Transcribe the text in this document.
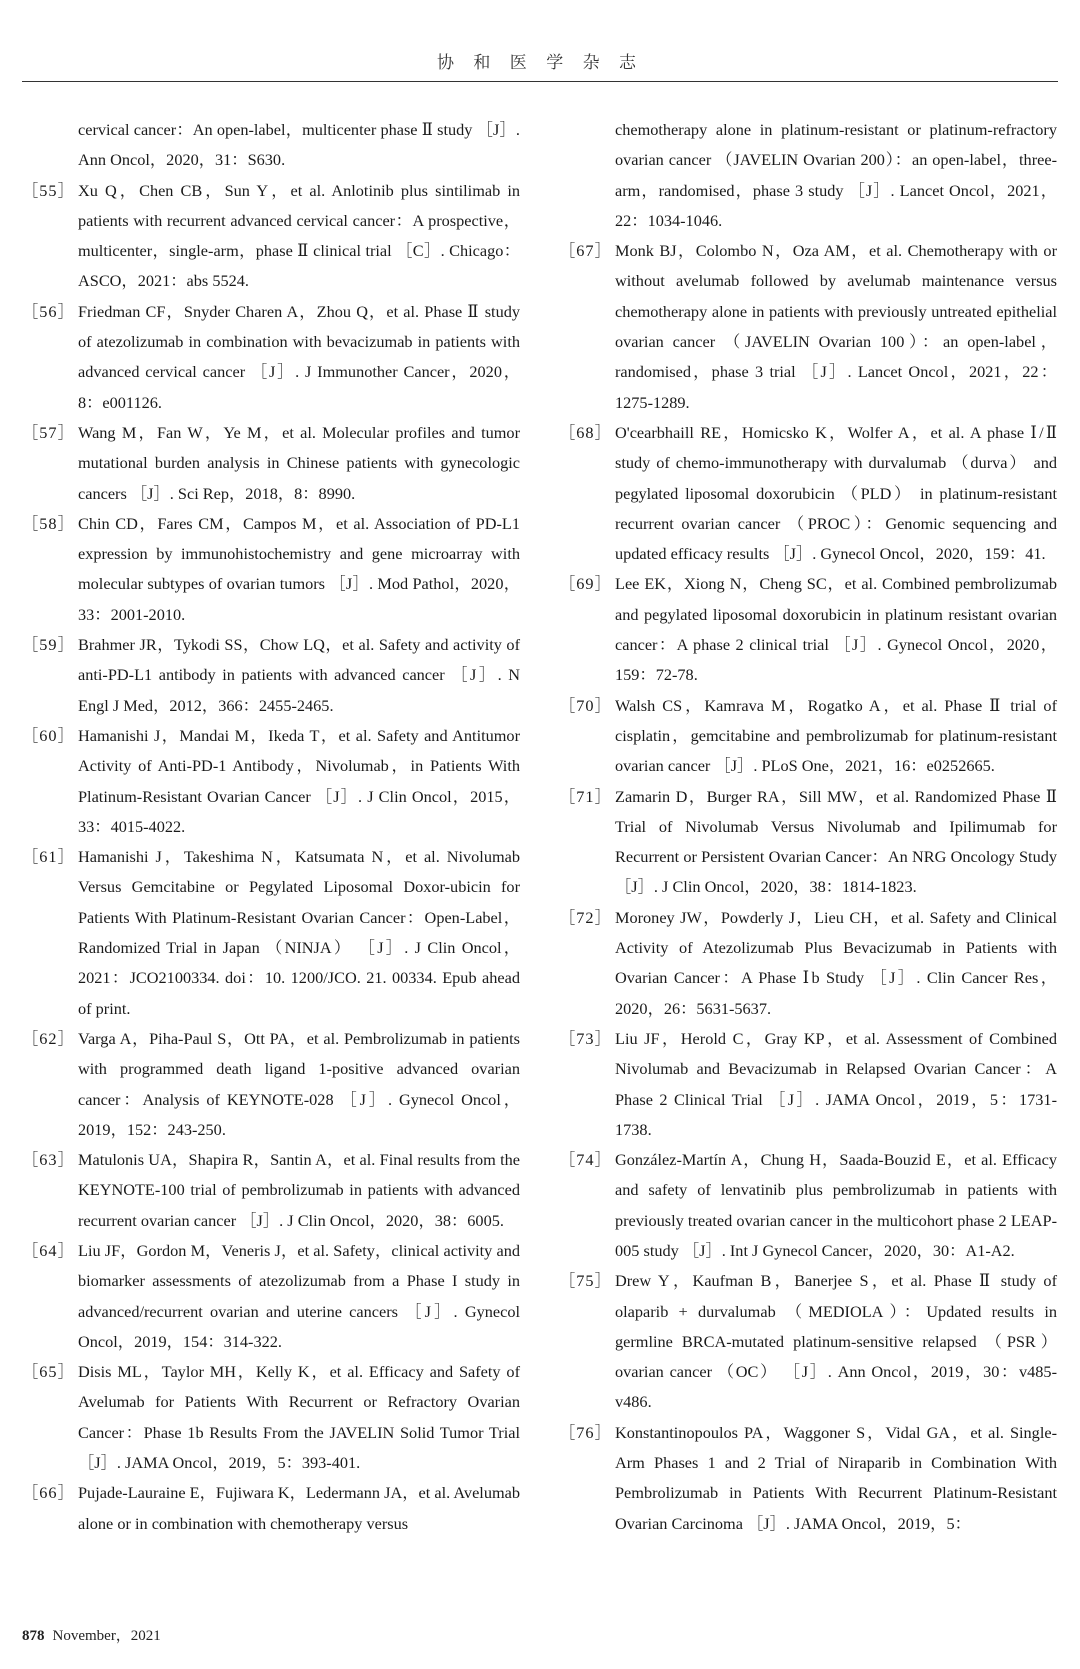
协 和 医 学 杂 志
cervical cancer：An open-label，multicenter phase Ⅱ study ［J］. Ann Oncol，2020，31：S630.
［55］ Xu Q，Chen CB，Sun Y，et al. Anlotinib plus sintilimab in patients with recurrent advanced cervical cancer：A prospective，multicenter，single-arm，phase Ⅱ clinical trial ［C］. Chicago：ASCO，2021：abs 5524.
［56］ Friedman CF，Snyder Charen A，Zhou Q，et al. Phase Ⅱ study of atezolizumab in combination with bevacizumab in patients with advanced cervical cancer ［J］. J Immunother Cancer，2020，8：e001126.
［57］ Wang M，Fan W，Ye M，et al. Molecular profiles and tumor mutational burden analysis in Chinese patients with gynecologic cancers ［J］. Sci Rep，2018，8：8990.
［58］ Chin CD，Fares CM，Campos M，et al. Association of PD-L1 expression by immunohistochemistry and gene microarray with molecular subtypes of ovarian tumors ［J］. Mod Pathol，2020，33：2001-2010.
［59］ Brahmer JR，Tykodi SS，Chow LQ，et al. Safety and activity of anti-PD-L1 antibody in patients with advanced cancer ［J］. N Engl J Med，2012，366：2455-2465.
［60］ Hamanishi J，Mandai M，Ikeda T，et al. Safety and Antitumor Activity of Anti-PD-1 Antibody，Nivolumab，in Patients With Platinum-Resistant Ovarian Cancer ［J］. J Clin Oncol，2015，33：4015-4022.
［61］ Hamanishi J，Takeshima N，Katsumata N，et al. Nivolumab Versus Gemcitabine or Pegylated Liposomal Doxor-ubicin for Patients With Platinum-Resistant Ovarian Cancer：Open-Label，Randomized Trial in Japan （NINJA） ［J］. J Clin Oncol，2021：JCO2100334. doi：10. 1200/JCO. 21. 00334. Epub ahead of print.
［62］ Varga A，Piha-Paul S，Ott PA，et al. Pembrolizumab in patients with programmed death ligand 1-positive advanced ovarian cancer：Analysis of KEYNOTE-028 ［J］. Gynecol Oncol，2019，152：243-250.
［63］ Matulonis UA，Shapira R，Santin A，et al. Final results from the KEYNOTE-100 trial of pembrolizumab in patients with advanced recurrent ovarian cancer ［J］. J Clin Oncol，2020，38：6005.
［64］ Liu JF，Gordon M，Veneris J，et al. Safety，clinical activity and biomarker assessments of atezolizumab from a Phase I study in advanced/recurrent ovarian and uterine cancers ［J］. Gynecol Oncol，2019，154：314-322.
［65］ Disis ML，Taylor MH，Kelly K，et al. Efficacy and Safety of Avelumab for Patients With Recurrent or Refractory Ovarian Cancer：Phase 1b Results From the JAVELIN Solid Tumor Trial ［J］. JAMA Oncol，2019，5：393-401.
［66］ Pujade-Lauraine E，Fujiwara K，Ledermann JA，et al. Avelumab alone or in combination with chemotherapy versus
chemotherapy alone in platinum-resistant or platinum-refractory ovarian cancer （JAVELIN Ovarian 200）：an open-label，three-arm，randomised，phase 3 study ［J］. Lancet Oncol，2021，22：1034-1046.
［67］ Monk BJ，Colombo N，Oza AM，et al. Chemotherapy with or without avelumab followed by avelumab maintenance versus chemotherapy alone in patients with previously untreated epithelial ovarian cancer （JAVELIN Ovarian 100）：an open-label，randomised，phase 3 trial ［J］. Lancet Oncol，2021，22：1275-1289.
［68］ O'cearbhaill RE，Homicsko K，Wolfer A，et al. A phase Ⅰ/Ⅱ study of chemo-immunotherapy with durvalumab （durva） and pegylated liposomal doxorubicin （PLD） in platinum-resistant recurrent ovarian cancer （PROC）：Genomic sequencing and updated efficacy results ［J］. Gynecol Oncol，2020，159：41.
［69］ Lee EK，Xiong N，Cheng SC，et al. Combined pembrolizumab and pegylated liposomal doxorubicin in platinum resistant ovarian cancer：A phase 2 clinical trial ［J］. Gynecol Oncol，2020，159：72-78.
［70］ Walsh CS，Kamrava M，Rogatko A，et al. Phase Ⅱ trial of cisplatin，gemcitabine and pembrolizumab for platinum-resistant ovarian cancer ［J］. PLoS One，2021，16：e0252665.
［71］ Zamarin D，Burger RA，Sill MW，et al. Randomized Phase Ⅱ Trial of Nivolumab Versus Nivolumab and Ipilimumab for Recurrent or Persistent Ovarian Cancer：An NRG Oncology Study ［J］. J Clin Oncol，2020，38：1814-1823.
［72］ Moroney JW，Powderly J，Lieu CH，et al. Safety and Clinical Activity of Atezolizumab Plus Bevacizumab in Patients with Ovarian Cancer：A Phase Ⅰb Study ［J］. Clin Cancer Res，2020，26：5631-5637.
［73］ Liu JF，Herold C，Gray KP，et al. Assessment of Combined Nivolumab and Bevacizumab in Relapsed Ovarian Cancer：A Phase 2 Clinical Trial ［J］. JAMA Oncol，2019，5：1731-1738.
［74］ González-Martín A，Chung H，Saada-Bouzid E，et al. Efficacy and safety of lenvatinib plus pembrolizumab in patients with previously treated ovarian cancer in the multicohort phase 2 LEAP-005 study ［J］. Int J Gynecol Cancer，2020，30：A1-A2.
［75］ Drew Y，Kaufman B，Banerjee S，et al. Phase Ⅱ study of olaparib + durvalumab （MEDIOLA）：Updated results in germline BRCA-mutated platinum-sensitive relapsed （PSR） ovarian cancer （OC） ［J］. Ann Oncol，2019，30：v485-v486.
［76］ Konstantinopoulos PA，Waggoner S，Vidal GA，et al. Single-Arm Phases 1 and 2 Trial of Niraparib in Combination With Pembrolizumab in Patients With Recurrent Platinum-Resistant Ovarian Carcinoma ［J］. JAMA Oncol，2019，5：
878 November，2021
